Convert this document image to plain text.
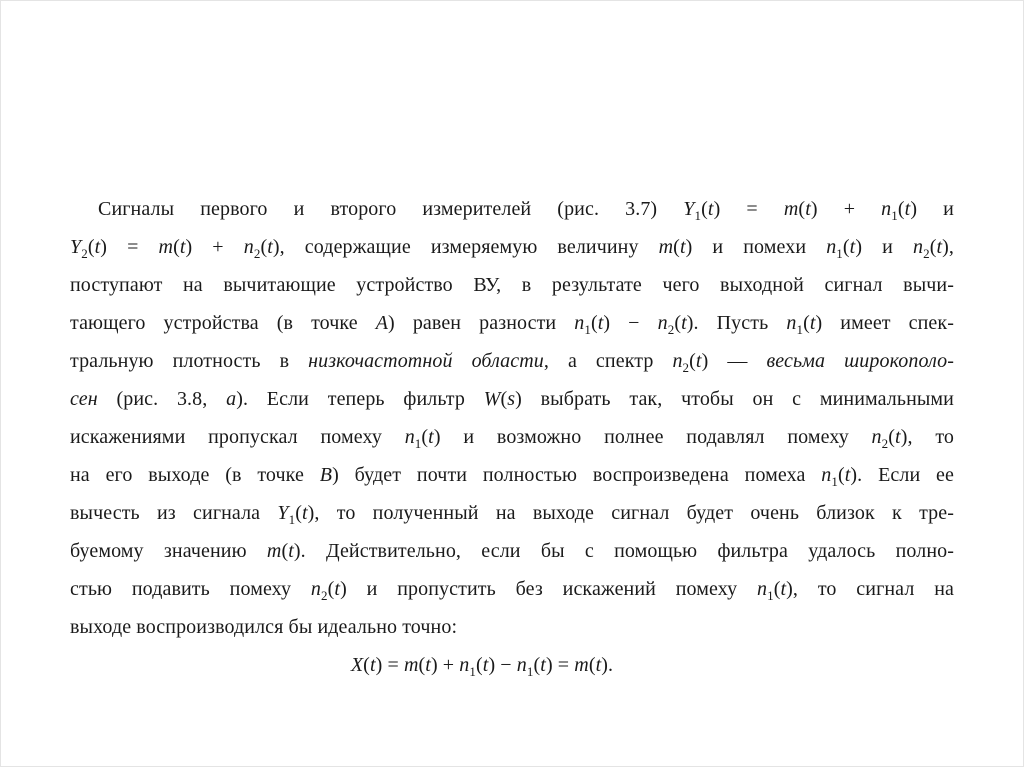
Сигналы первого и второго измерителей (рис. 3.7) $Y_1(t) = m(t) + n_1(t)$ и
$Y_2(t) = m(t) + n_2(t)$, содержащие измеряемую величину m(t) и помехи $n_1(t)$ и $n_2(t)$,
поступают на вычитающие устройство ВУ, в результате чего выходной сигнал вычи-
тающего устройства (в точке A) равен разности $n_1(t) - n_2(t)$. Пусть $n_1(t)$ имеет спек-
тральную плотность в низкочастотной области, а спектр $n_2(t)$ — весьма широкополо-
сен (рис. 3.8, а). Если теперь фильтр W(s) выбрать так, чтобы он с минимальными
искажениями пропускал помеху $n_1(t)$ и возможно полнее подавлял помеху $n_2(t)$, то
на его выходе (в точке B) будет почти полностью воспроизведена помеха $n_1(t)$. Если ее
вычесть из сигнала $Y_1(t)$, то полученный на выходе сигнал будет очень близок к тре-
буемому значению m(t). Действительно, если бы с помощью фильтра удалось полно-
стью подавить помеху $n_2(t)$ и пропустить без искажений помеху $n_1(t)$, то сигнал на
выходе воспроизводился бы идеально точно:
$X(t) = m(t) + n_1(t) - n_1(t) = m(t)$.
